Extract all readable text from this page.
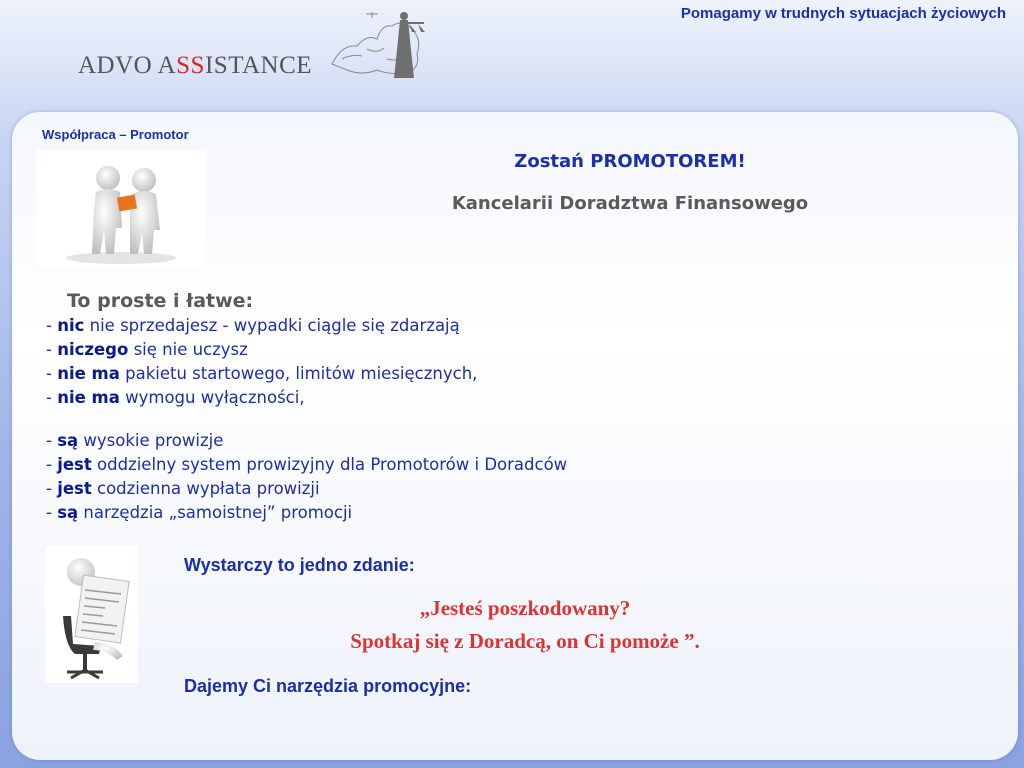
Pomagamy w trudnych sytuacjach życiowych
ADVO ASSISTANCE
Współpraca – Promotor
Zostań PROMOTOREM!
Kancelarii Doradztwa Finansowego
To proste i łatwe:
- nic nie sprzedajesz - wypadki ciągle się zdarzają
- niczego się nie uczysz
- nie ma pakietu startowego, limitów miesięcznych,
- nie ma wymogu wyłączności,
- są wysokie prowizje
- jest oddzielny system prowizyjny dla Promotorów i Doradców
- jest codzienna wypłata prowizji
- są narzędzia „samoistnej” promocji
Wystarczy to jedno zdanie:
„Jesteś poszkodowany?
Spotkaj się z Doradcą, on Ci pomoże ”.
Dajemy Ci narzędzia promocyjne:
